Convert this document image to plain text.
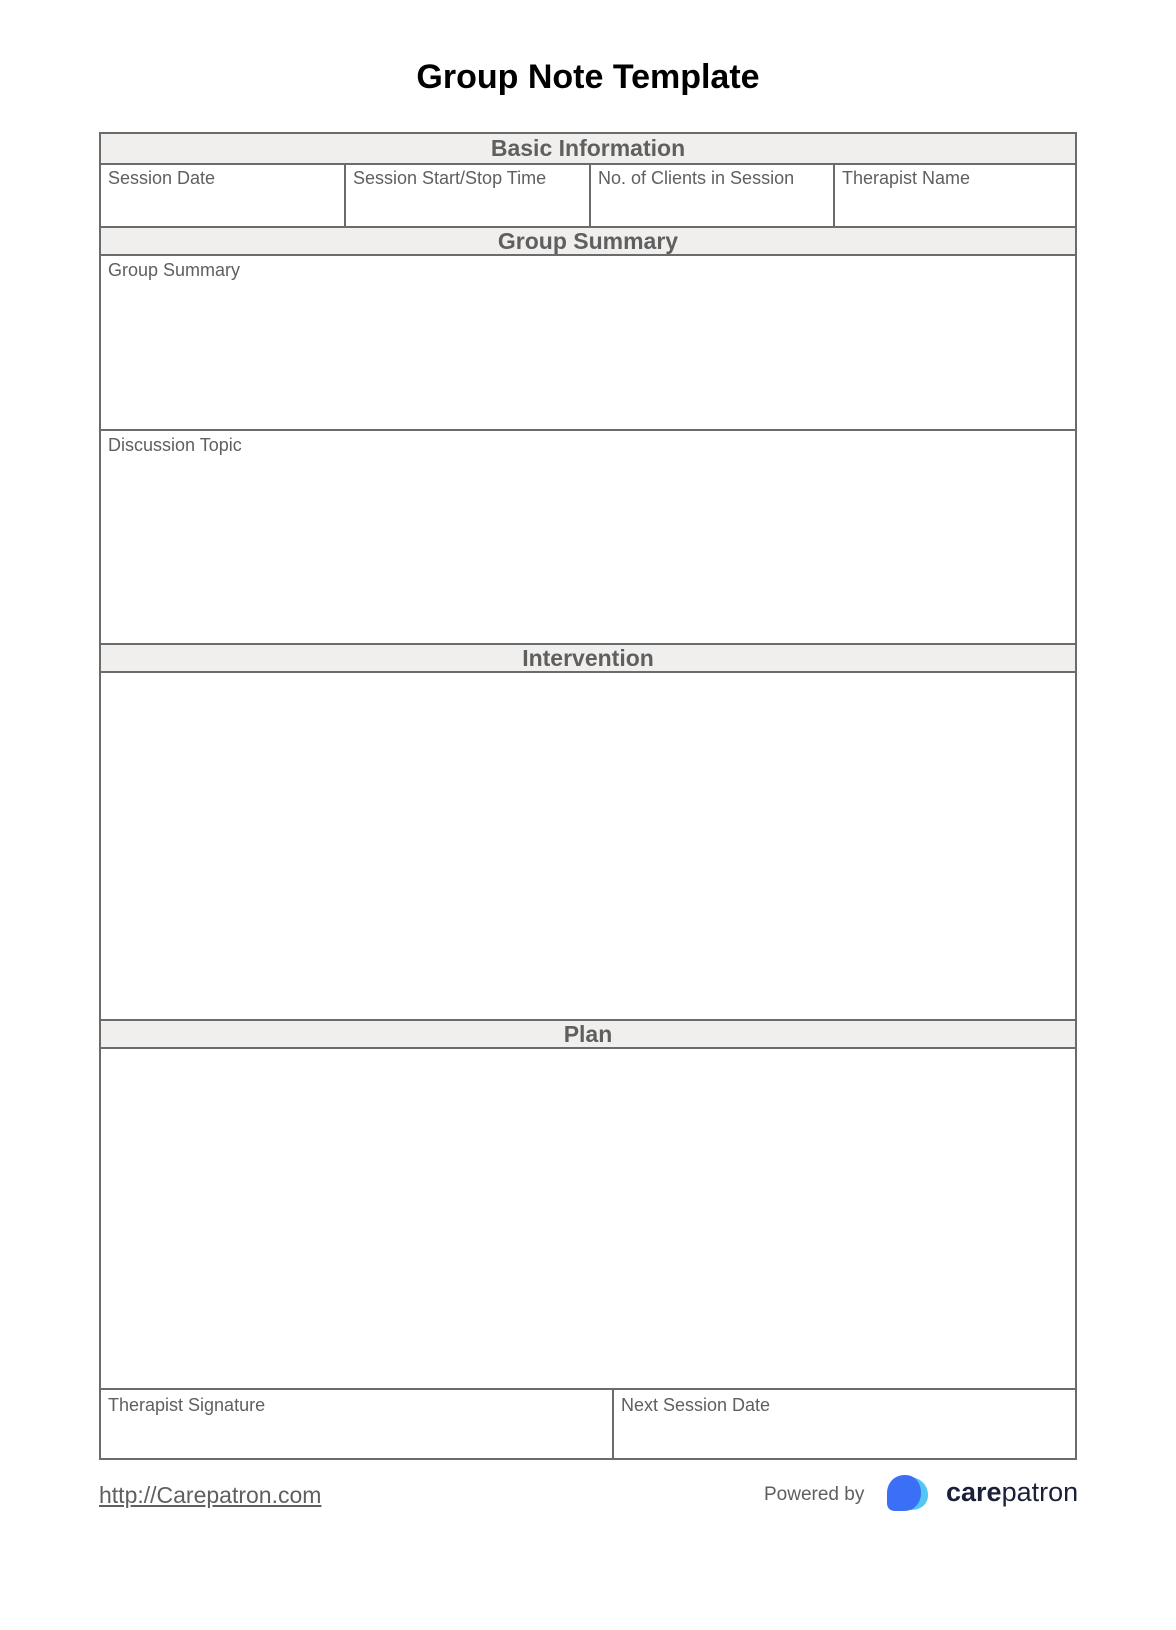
Group Note Template
Basic Information
Session Date	Session Start/Stop Time	No. of Clients in Session	Therapist Name
Group Summary
Group Summary
Discussion Topic
Intervention
Plan
Therapist Signature	Next Session Date
http://Carepatron.com	Powered by	carepatron
